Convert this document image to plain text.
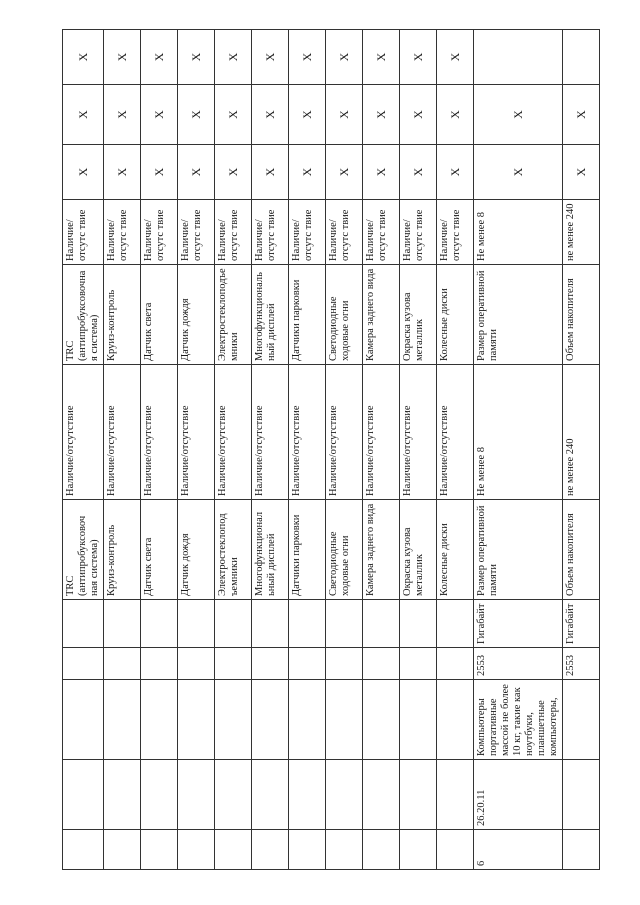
					TRC (антипробуксовоч ная система)	Наличие/отсутствие	TRC (антипробуксовочна я система)	Наличие/отсутс твие	X	X	X
					Круиз-контроль	Наличие/отсутствие	Круиз-контроль	Наличие/отсутс твие	X	X	X
					Датчик света	Наличие/отсутствие	Датчик света	Наличие/отсутс твие	X	X	X
					Датчик дождя	Наличие/отсутствие	Датчик дождя	Наличие/отсутс твие	X	X	X
					Электростеклопод ъемники	Наличие/отсутствие	Электростеклоподъе мники	Наличие/отсутс твие	X	X	X
					Многофункционал ьный дисплей	Наличие/отсутствие	Многофункциональ ный дисплей	Наличие/отсутс твие	X	X	X
					Датчики парковки	Наличие/отсутствие	Датчики парковки	Наличие/отсутс твие	X	X	X
					Светодиодные ходовые огни	Наличие/отсутствие	Светодиодные ходовые огни	Наличие/отсутс твие	X	X	X
					Камера заднего вида	Наличие/отсутствие	Камера заднего вида	Наличие/отсутс твие	X	X	X
					Окраска кузова металлик	Наличие/отсутствие	Окраска кузова металлик	Наличие/отсутс твие	X	X	X
					Колесные диски	Наличие/отсутствие	Колесные диски	Наличие/отсутс твие	X	X	X
6	26.20.11	Компьютеры портативные массой не более 10 кг, такие как ноутбуки, планшетные компьютеры,	2553	Гигабайт	Размер оперативной памяти	Не менее 8	Размер оперативной памяти	Не менее 8	X	X	
			2553	Гигабайт	Объем накопителя	не менее 240	Объем накопителя	не менее 240	X	X	
